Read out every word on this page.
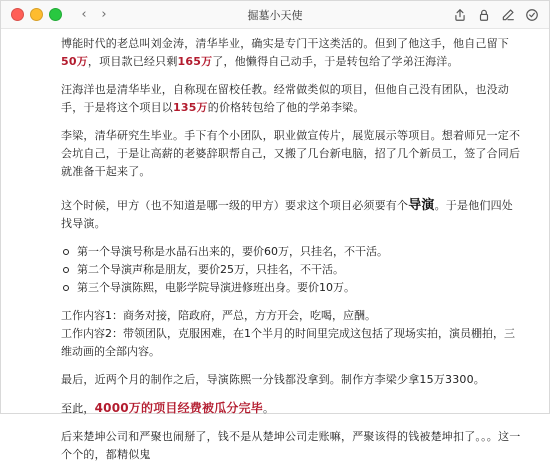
‹ ›	掘墓小天使

博能时代的老总叫刘金涛，清华毕业，确实是专门干这类活的。但到了他这手，他自己留下50万，项目款已经只剩165万了，他懒得自己动手，于是转包给了学弟汪海洋。

汪海洋也是清华毕业，自称现在留校任教。经常做类似的项目，但他自己没有团队，也没动手，于是将这个项目以135万的价格转包给了他的学弟李梁。

李梁，清华研究生毕业。手下有个小团队，职业做宣传片，展览展示等项目。想着师兄一定不会坑自己，于是让高薪的老婆辞职帮自己，又搬了几台新电脑，招了几个新员工，签了合同后就准备干起来了。

这个时候，甲方（也不知道是哪一级的甲方）要求这个项目必须要有个导演。于是他们四处找导演。

第一个导演号称是水晶石出来的，要价60万，只挂名，不干活。
第二个导演声称是朋友，要价25万，只挂名，不干活。
第三个导演陈熙，电影学院导演进修班出身。要价10万。
工作内容1：商务对接，陪政府，严总，方方开会，吃喝，应酬。
工作内容2：带领团队，克服困难，在1个半月的时间里完成这包括了现场实拍，演员棚拍，三维动画的全部内容。

最后，近两个月的制作之后，导演陈熙一分钱都没拿到。制作方李梁少拿15万3300。

至此，4000万的项目经费被瓜分完毕。

后来楚坤公司和严聚也闹掰了，钱不是从楚坤公司走账嘛，严聚该得的钱被楚坤扣了。。。这一个个的，都精似鬼
